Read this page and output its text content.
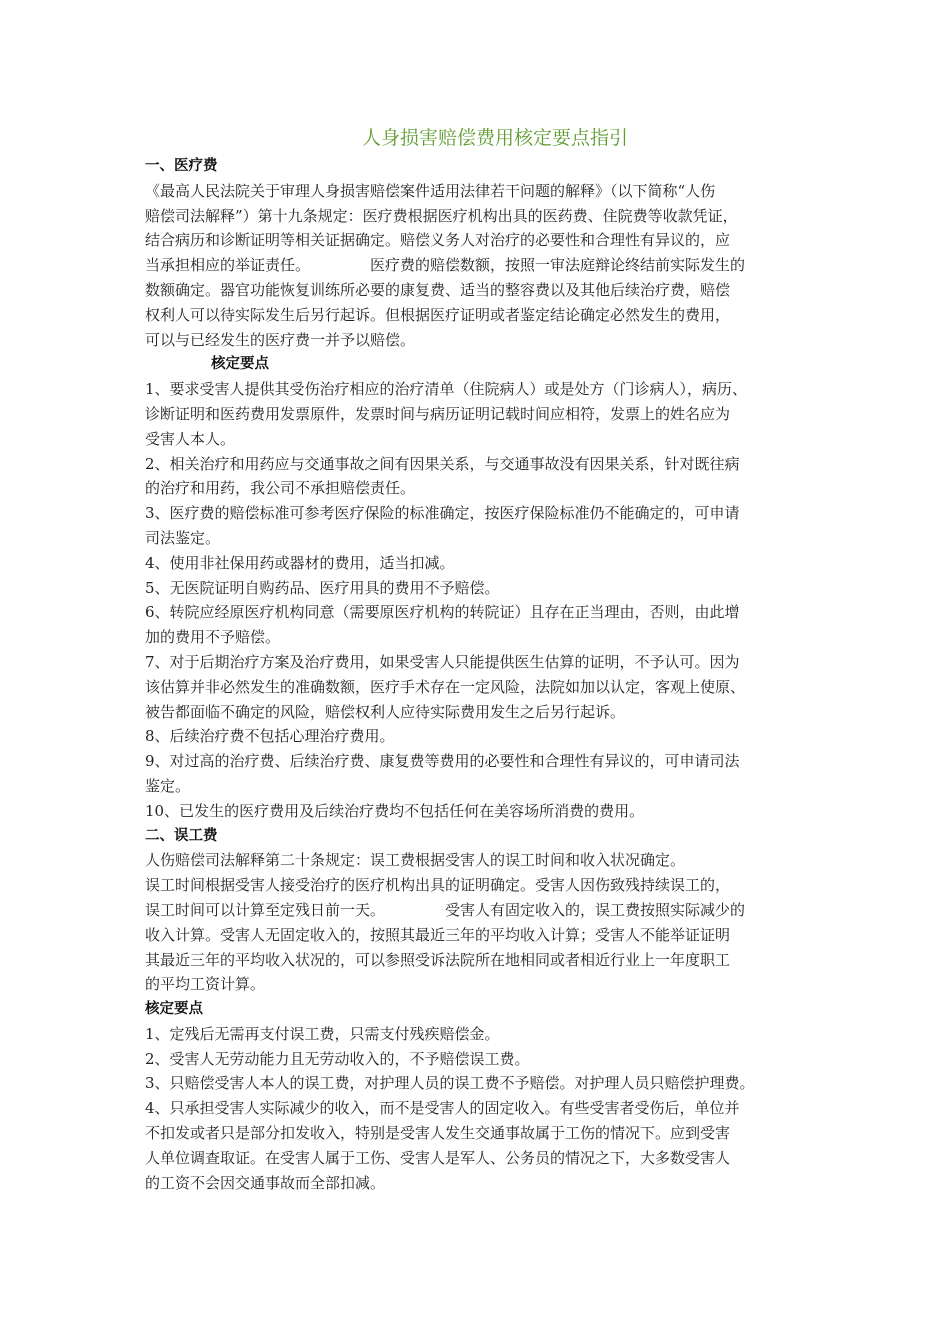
人身损害赔偿费用核定要点指引
一、医疗费
《最高人民法院关于审理人身损害赔偿案件适用法律若干问题的解释》（以下简称“人伤
赔偿司法解释”）第十九条规定：医疗费根据医疗机构出具的医药费、住院费等收款凭证，
结合病历和诊断证明等相关证据确定。赔偿义务人对治疗的必要性和合理性有异议的，应
当承担相应的举证责任。	医疗费的赔偿数额，按照一审法庭辩论终结前实际发生的
数额确定。器官功能恢复训练所必要的康复费、适当的整容费以及其他后续治疗费，赔偿
权利人可以待实际发生后另行起诉。但根据医疗证明或者鉴定结论确定必然发生的费用，
可以与已经发生的医疗费一并予以赔偿。
核定要点
1、要求受害人提供其受伤治疗相应的治疗清单（住院病人）或是处方（门诊病人），病历、
诊断证明和医药费用发票原件，发票时间与病历证明记载时间应相符，发票上的姓名应为
受害人本人。
2、相关治疗和用药应与交通事故之间有因果关系，与交通事故没有因果关系，针对既往病
的治疗和用药，我公司不承担赔偿责任。
3、医疗费的赔偿标准可参考医疗保险的标准确定，按医疗保险标准仍不能确定的，可申请
司法鉴定。
4、使用非社保用药或器材的费用，适当扣减。
5、无医院证明自购药品、医疗用具的费用不予赔偿。
6、转院应经原医疗机构同意（需要原医疗机构的转院证）且存在正当理由，否则，由此增
加的费用不予赔偿。
7、对于后期治疗方案及治疗费用，如果受害人只能提供医生估算的证明，不予认可。因为
该估算并非必然发生的准确数额，医疗手术存在一定风险，法院如加以认定，客观上使原、
被告都面临不确定的风险，赔偿权利人应待实际费用发生之后另行起诉。
8、后续治疗费不包括心理治疗费用。
9、对过高的治疗费、后续治疗费、康复费等费用的必要性和合理性有异议的，可申请司法
鉴定。
10、已发生的医疗费用及后续治疗费均不包括任何在美容场所消费的费用。
二、误工费
人伤赔偿司法解释第二十条规定：误工费根据受害人的误工时间和收入状况确定。
误工时间根据受害人接受治疗的医疗机构出具的证明确定。受害人因伤致残持续误工的，
误工时间可以计算至定残日前一天。	受害人有固定收入的，误工费按照实际减少的
收入计算。受害人无固定收入的，按照其最近三年的平均收入计算；受害人不能举证证明
其最近三年的平均收入状况的，可以参照受诉法院所在地相同或者相近行业上一年度职工
的平均工资计算。
核定要点
1、定残后无需再支付误工费，只需支付残疾赔偿金。
2、受害人无劳动能力且无劳动收入的，不予赔偿误工费。
3、只赔偿受害人本人的误工费，对护理人员的误工费不予赔偿。对护理人员只赔偿护理费。
4、只承担受害人实际减少的收入，而不是受害人的固定收入。有些受害者受伤后，单位并
不扣发或者只是部分扣发收入，特别是受害人发生交通事故属于工伤的情况下。应到受害
人单位调查取证。在受害人属于工伤、受害人是军人、公务员的情况之下，大多数受害人
的工资不会因交通事故而全部扣减。
